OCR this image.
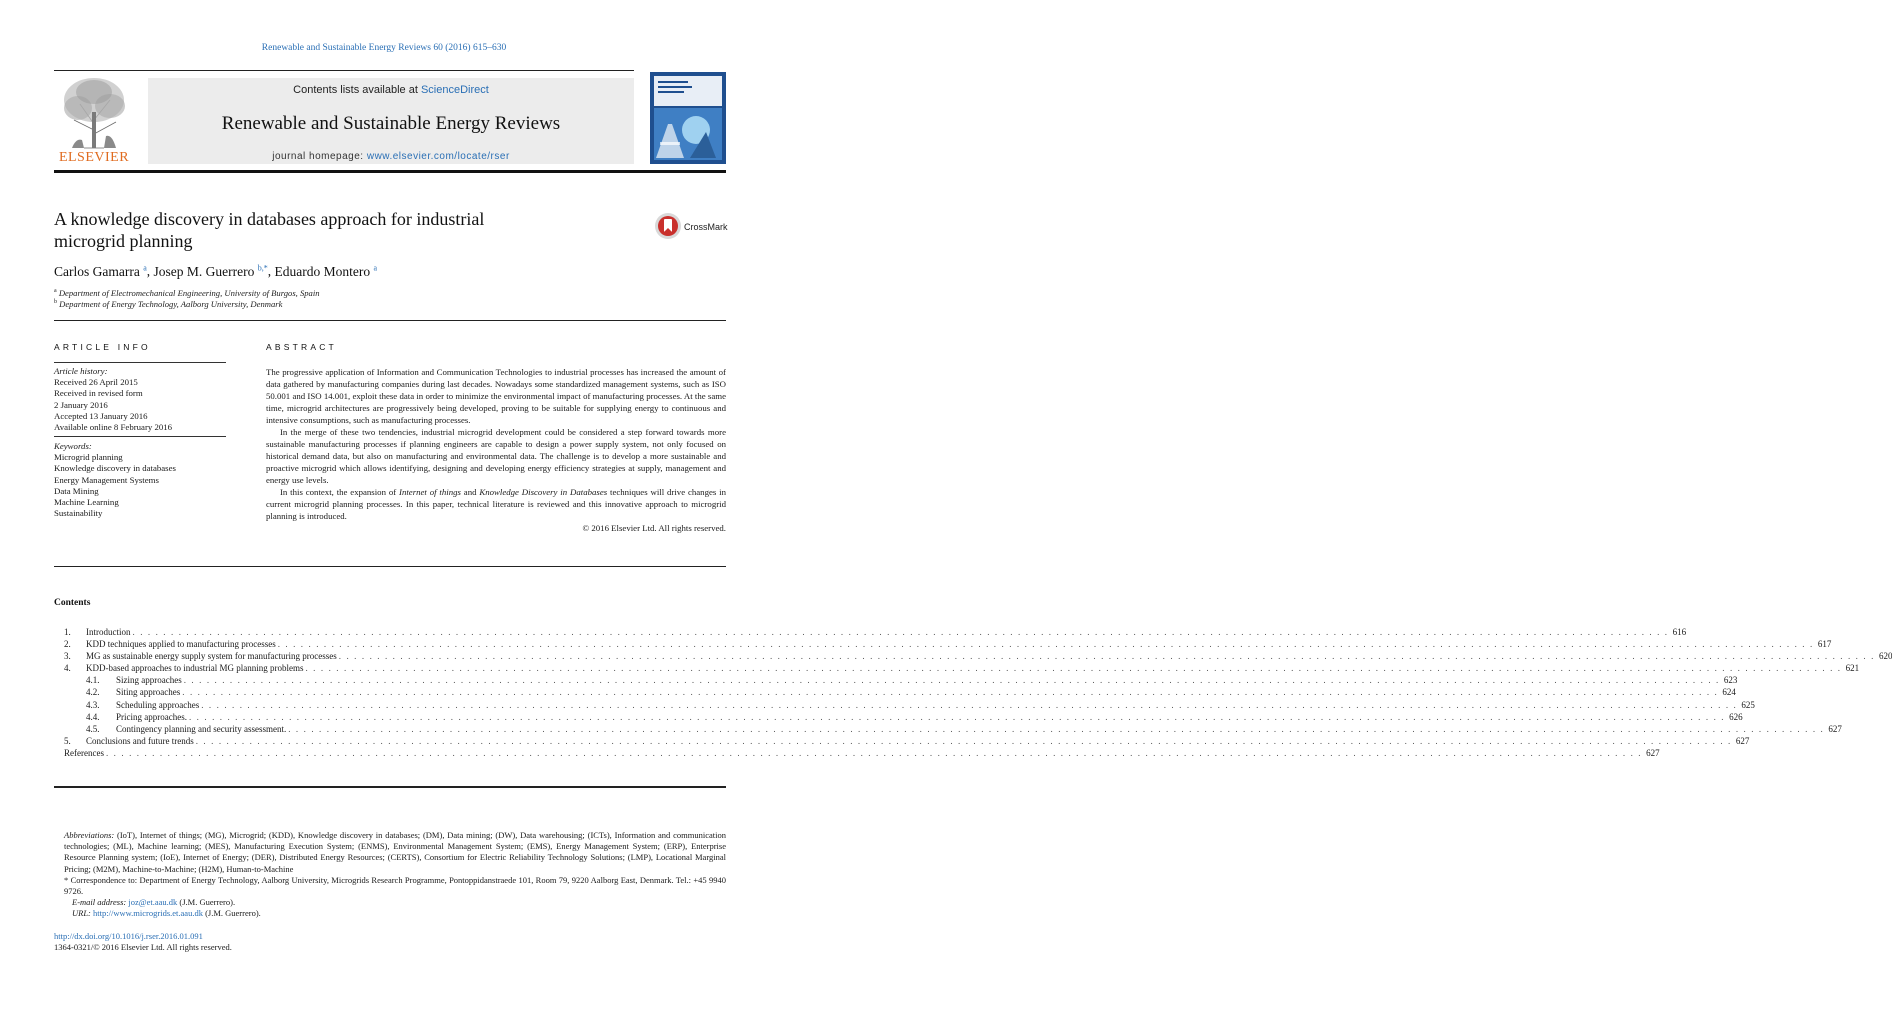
Renewable and Sustainable Energy Reviews 60 (2016) 615–630
ELSEVIER
Contents lists available at ScienceDirect
Renewable and Sustainable Energy Reviews
journal homepage: www.elsevier.com/locate/rser
A knowledge discovery in databases approach for industrial
microgrid planning
CrossMark
Carlos Gamarra $^a$, Josep M. Guerrero $^{b,*}$, Eduardo Montero $^a$
$^a$ Department of Electromechanical Engineering, University of Burgos, Spain
$^b$ Department of Energy Technology, Aalborg University, Denmark
ARTICLE INFO	ABSTRACT
Article history:
Received 26 April 2015
Received in revised form
2 January 2016
Accepted 13 January 2016
Available online 8 February 2016
Keywords:
Microgrid planning
Knowledge discovery in databases
Energy Management Systems
Data Mining
Machine Learning
Sustainability

The progressive application of Information and Communication Technologies to industrial processes has increased the amount of data gathered by manufacturing companies during last decades. Nowadays some standardized management systems, such as ISO 50.001 and ISO 14.001, exploit these data in order to minimize the environmental impact of manufacturing processes. At the same time, microgrid architectures are progressively being developed, proving to be suitable for supplying energy to continuous and intensive consumptions, such as manufacturing processes.

In the merge of these two tendencies, industrial microgrid development could be considered a step forward towards more sustainable manufacturing processes if planning engineers are capable to design a power supply system, not only focused on historical demand data, but also on manufacturing and environmental data. The challenge is to develop a more sustainable and proactive microgrid which allows identifying, designing and developing energy efficiency strategies at supply, management and energy use levels.

In this context, the expansion of Internet of things and Knowledge Discovery in Databases techniques will drive changes in current microgrid planning processes. In this paper, technical literature is reviewed and this innovative approach to microgrid planning is introduced.

© 2016 Elsevier Ltd. All rights reserved.

Contents
1.	Introduction . . . . . . . . . . . . . . . . . . . . . . . . . . . . . . . . . . . . . . . . . . . . . . . . . . . . . . . . . . . . . . . . . . . . . . . . . . . . . . . . . . . . . . . . . . . . . . . . . . . . . . . . . . . . . . . . . . . . . . . . . . . . . . . . . . . . . . . . . . . . . . . . . . . . . . . . . . . . . . . . . . . . . . . . . . . . . . . . . . . . . . . . . . . . . . . . . . . . . . . . 616
2.	KDD techniques applied to manufacturing processes . . . . . . . . . . . . . . . . . . . . . . . . . . . . . . . . . . . . . . . . . . . . . . . . . . . . . . . . . . . . . . . . . . . . . . . . . . . . . . . . . . . . . . . . . . . . . . . . . . . . . . . . . . . . . . . . . . . . . . . . . . . . . . . . . . . . . . . . . . . . . . . . . . . . . . . . . . . . . . . . . . . . . . . . . . . . . . . . . . . . . . . . . . . . . . . . . . . . . . . . 617
3.	MG as sustainable energy supply system for manufacturing processes . . . . . . . . . . . . . . . . . . . . . . . . . . . . . . . . . . . . . . . . . . . . . . . . . . . . . . . . . . . . . . . . . . . . . . . . . . . . . . . . . . . . . . . . . . . . . . . . . . . . . . . . . . . . . . . . . . . . . . . . . . . . . . . . . . . . . . . . . . . . . . . . . . . . . . . . . . . . . . . . . . . . . . . . . . . . . . . . . . . . . . . . . . . . . . . . . . . . . . . . 620
4.	KDD-based approaches to industrial MG planning problems . . . . . . . . . . . . . . . . . . . . . . . . . . . . . . . . . . . . . . . . . . . . . . . . . . . . . . . . . . . . . . . . . . . . . . . . . . . . . . . . . . . . . . . . . . . . . . . . . . . . . . . . . . . . . . . . . . . . . . . . . . . . . . . . . . . . . . . . . . . . . . . . . . . . . . . . . . . . . . . . . . . . . . . . . . . . . . . . . . . . . . . . . . . . . . . . . . . . . . . . 621
4.1.	Sizing approaches . . . . . . . . . . . . . . . . . . . . . . . . . . . . . . . . . . . . . . . . . . . . . . . . . . . . . . . . . . . . . . . . . . . . . . . . . . . . . . . . . . . . . . . . . . . . . . . . . . . . . . . . . . . . . . . . . . . . . . . . . . . . . . . . . . . . . . . . . . . . . . . . . . . . . . . . . . . . . . . . . . . . . . . . . . . . . . . . . . . . . . . . . . . . . . . . . . . . . . . . 623
4.2.	Siting approaches . . . . . . . . . . . . . . . . . . . . . . . . . . . . . . . . . . . . . . . . . . . . . . . . . . . . . . . . . . . . . . . . . . . . . . . . . . . . . . . . . . . . . . . . . . . . . . . . . . . . . . . . . . . . . . . . . . . . . . . . . . . . . . . . . . . . . . . . . . . . . . . . . . . . . . . . . . . . . . . . . . . . . . . . . . . . . . . . . . . . . . . . . . . . . . . . . . . . . . . . 624
4.3.	Scheduling approaches . . . . . . . . . . . . . . . . . . . . . . . . . . . . . . . . . . . . . . . . . . . . . . . . . . . . . . . . . . . . . . . . . . . . . . . . . . . . . . . . . . . . . . . . . . . . . . . . . . . . . . . . . . . . . . . . . . . . . . . . . . . . . . . . . . . . . . . . . . . . . . . . . . . . . . . . . . . . . . . . . . . . . . . . . . . . . . . . . . . . . . . . . . . . . . . . . . . . . . . . 625
4.4.	Pricing approaches. . . . . . . . . . . . . . . . . . . . . . . . . . . . . . . . . . . . . . . . . . . . . . . . . . . . . . . . . . . . . . . . . . . . . . . . . . . . . . . . . . . . . . . . . . . . . . . . . . . . . . . . . . . . . . . . . . . . . . . . . . . . . . . . . . . . . . . . . . . . . . . . . . . . . . . . . . . . . . . . . . . . . . . . . . . . . . . . . . . . . . . . . . . . . . . . . . . . . . . . . 626
4.5.	Contingency planning and security assessment. . . . . . . . . . . . . . . . . . . . . . . . . . . . . . . . . . . . . . . . . . . . . . . . . . . . . . . . . . . . . . . . . . . . . . . . . . . . . . . . . . . . . . . . . . . . . . . . . . . . . . . . . . . . . . . . . . . . . . . . . . . . . . . . . . . . . . . . . . . . . . . . . . . . . . . . . . . . . . . . . . . . . . . . . . . . . . . . . . . . . . . . . . . . . . . . . . . . . . . . . 627
5.	Conclusions and future trends . . . . . . . . . . . . . . . . . . . . . . . . . . . . . . . . . . . . . . . . . . . . . . . . . . . . . . . . . . . . . . . . . . . . . . . . . . . . . . . . . . . . . . . . . . . . . . . . . . . . . . . . . . . . . . . . . . . . . . . . . . . . . . . . . . . . . . . . . . . . . . . . . . . . . . . . . . . . . . . . . . . . . . . . . . . . . . . . . . . . . . . . . . . . . . . . . . . . . . . . 627
References . . . . . . . . . . . . . . . . . . . . . . . . . . . . . . . . . . . . . . . . . . . . . . . . . . . . . . . . . . . . . . . . . . . . . . . . . . . . . . . . . . . . . . . . . . . . . . . . . . . . . . . . . . . . . . . . . . . . . . . . . . . . . . . . . . . . . . . . . . . . . . . . . . . . . . . . . . . . . . . . . . . . . . . . . . . . . . . . . . . . . . . . . . . . . . . . . . . . . . . . 627
Abbreviations: (IoT), Internet of things; (MG), Microgrid; (KDD), Knowledge discovery in databases; (DM), Data mining; (DW), Data warehousing; (ICTs), Information and communication technologies; (ML), Machine learning; (MES), Manufacturing Execution System; (ENMS), Environmental Management System; (EMS), Energy Management System; (ERP), Enterprise Resource Planning system; (IoE), Internet of Energy; (DER), Distributed Energy Resources; (CERTS), Consortium for Electric Reliability Technology Solutions; (LMP), Locational Marginal Pricing; (M2M), Machine-to-Machine; (H2M), Human-to-Machine
* Correspondence to: Department of Energy Technology, Aalborg University, Microgrids Research Programme, Pontoppidanstraede 101, Room 79, 9220 Aalborg East, Denmark. Tel.: +45 9940 9726.
E-mail address: joz@et.aau.dk (J.M. Guerrero).
URL: http://www.microgrids.et.aau.dk (J.M. Guerrero).
http://dx.doi.org/10.1016/j.rser.2016.01.091
1364-0321/© 2016 Elsevier Ltd. All rights reserved.
